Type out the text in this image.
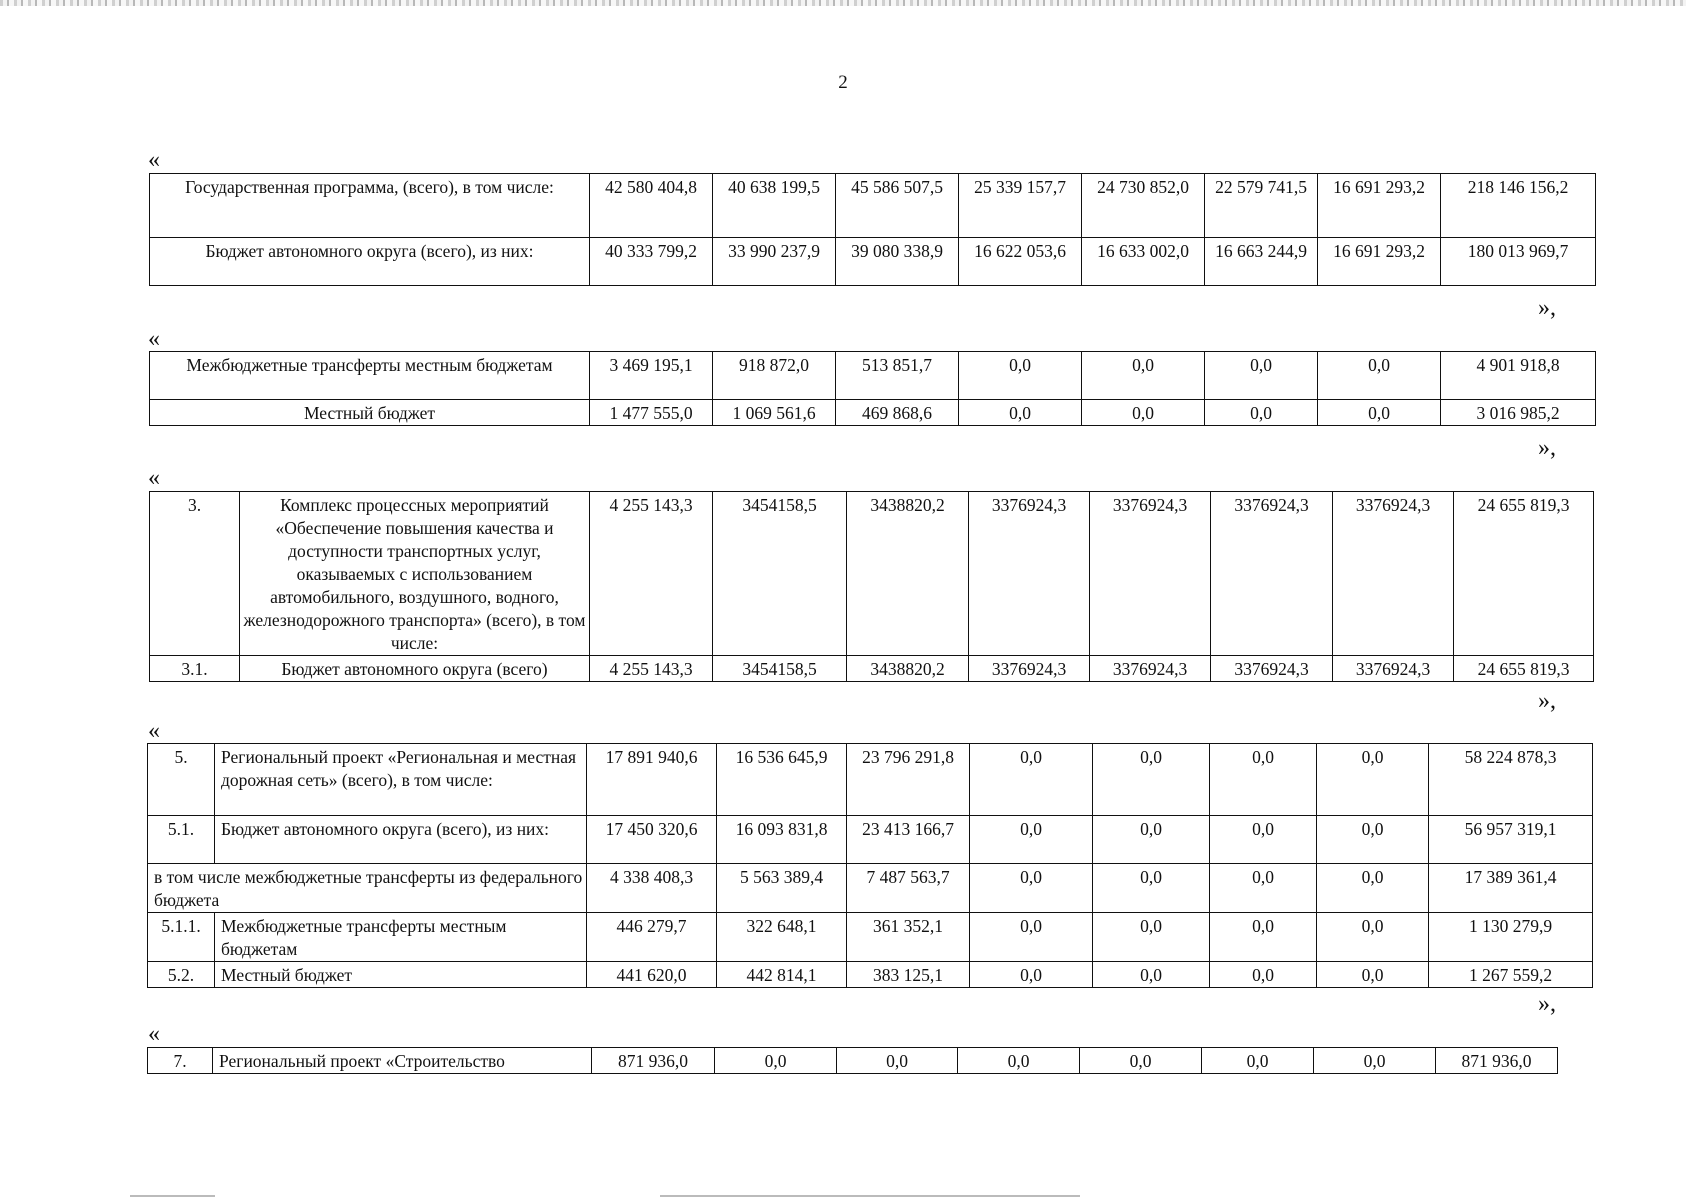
2
«
Государственная программа, (всего), в том числе:	42 580 404,8	40 638 199,5	45 586 507,5	25 339 157,7	24 730 852,0	22 579 741,5	16 691 293,2	218 146 156,2
Бюджет автономного округа (всего), из них:	40 333 799,2	33 990 237,9	39 080 338,9	16 622 053,6	16 633 002,0	16 663 244,9	16 691 293,2	180 013 969,7
»,
«
Межбюджетные трансферты местным бюджетам	3 469 195,1	918 872,0	513 851,7	0,0	0,0	0,0	0,0	4 901 918,8
Местный бюджет	1 477 555,0	1 069 561,6	469 868,6	0,0	0,0	0,0	0,0	3 016 985,2
»,
«
3.	Комплекс процессных мероприятий «Обеспечение повышения качества и доступности транспортных услуг, оказываемых с использованием автомобильного, воздушного, водного, железнодорожного транспорта» (всего), в том числе:	4 255 143,3	3454158,5	3438820,2	3376924,3	3376924,3	3376924,3	3376924,3	24 655 819,3
3.1.	Бюджет автономного округа (всего)	4 255 143,3	3454158,5	3438820,2	3376924,3	3376924,3	3376924,3	3376924,3	24 655 819,3
»,
«
5.	Региональный проект «Региональная и местная дорожная сеть» (всего), в том числе:	17 891 940,6	16 536 645,9	23 796 291,8	0,0	0,0	0,0	0,0	58 224 878,3
5.1.	Бюджет автономного округа (всего), из них:	17 450 320,6	16 093 831,8	23 413 166,7	0,0	0,0	0,0	0,0	56 957 319,1
в том числе межбюджетные трансферты из федерального бюджета		4 338 408,3	5 563 389,4	7 487 563,7	0,0	0,0	0,0	0,0	17 389 361,4
5.1.1.	Межбюджетные трансферты местным бюджетам	446 279,7	322 648,1	361 352,1	0,0	0,0	0,0	0,0	1 130 279,9
5.2.	Местный бюджет	441 620,0	442 814,1	383 125,1	0,0	0,0	0,0	0,0	1 267 559,2
»,
«
7.	Региональный проект «Строительство	871 936,0	0,0	0,0	0,0	0,0	0,0	0,0	871 936,0
